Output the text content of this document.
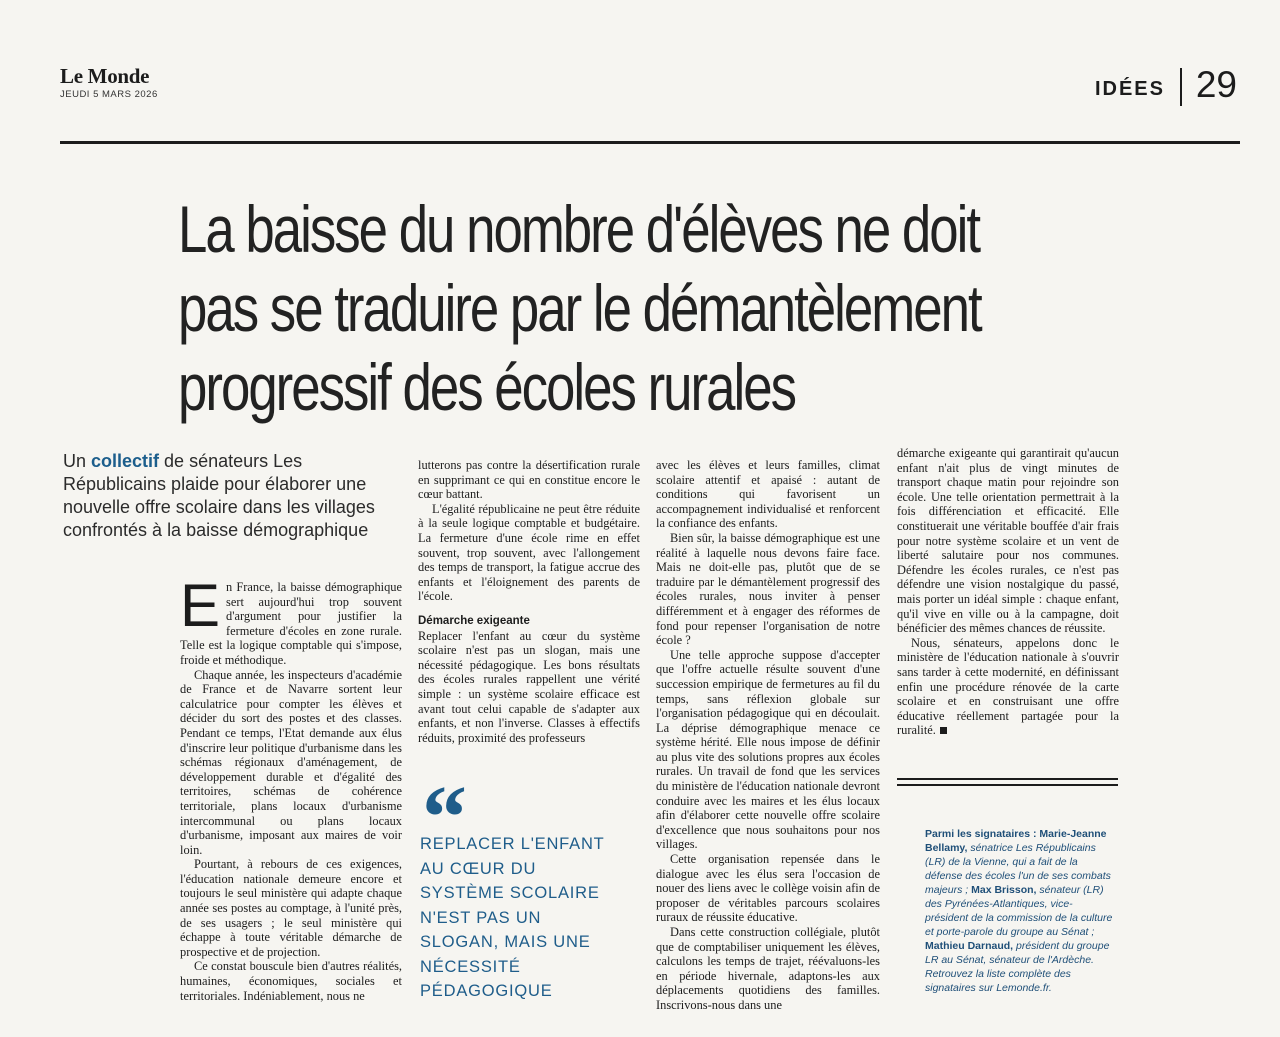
Le Monde
JEUDI 5 MARS 2026	IDÉES 29
La baisse du nombre d'élèves ne doit
pas se traduire par le démantèlement
progressif des écoles rurales

Un collectif de sénateurs Les Républicains plaide pour élaborer une nouvelle offre scolaire dans les villages confrontés à la baisse démographique

En France, la baisse démographique sert aujourd'hui trop souvent d'argument pour justifier la fermeture d'écoles en zone rurale. Telle est la logique comptable qui s'impose, froide et méthodique.

Chaque année, les inspecteurs d'académie de France et de Navarre sortent leur calculatrice pour compter les élèves et décider du sort des postes et des classes. Pendant ce temps, l'Etat demande aux élus d'inscrire leur politique d'urbanisme dans les schémas régionaux d'aménagement, de développement durable et d'égalité des territoires, schémas de cohérence territoriale, plans locaux d'urbanisme intercommunal ou plans locaux d'urbanisme, imposant aux maires de voir loin.

Pourtant, à rebours de ces exigences, l'éducation nationale demeure encore et toujours le seul ministère qui adapte chaque année ses postes au comptage, à l'unité près, de ses usagers ; le seul ministère qui échappe à toute véritable démarche de prospective et de projection.

Ce constat bouscule bien d'autres réalités, humaines, économiques, sociales et territoriales. Indéniablement, nous ne

lutterons pas contre la désertification rurale en supprimant ce qui en constitue encore le cœur battant.

L'égalité républicaine ne peut être réduite à la seule logique comptable et budgétaire. La fermeture d'une école rime en effet souvent, trop souvent, avec l'allongement des temps de transport, la fatigue accrue des enfants et l'éloignement des parents de l'école.

Démarche exigeante

Replacer l'enfant au cœur du système scolaire n'est pas un slogan, mais une nécessité pédagogique. Les bons résultats des écoles rurales rappellent une vérité simple : un système scolaire efficace est avant tout celui capable de s'adapter aux enfants, et non l'inverse. Classes à effectifs réduits, proximité des professeurs

“

REPLACER L'ENFANT AU CŒUR DU SYSTÈME SCOLAIRE N'EST PAS UN SLOGAN, MAIS UNE NÉCESSITÉ PÉDAGOGIQUE

avec les élèves et leurs familles, climat scolaire attentif et apaisé : autant de conditions qui favorisent un accompagnement individualisé et renforcent la confiance des enfants.

Bien sûr, la baisse démographique est une réalité à laquelle nous devons faire face. Mais ne doit-elle pas, plutôt que de se traduire par le démantèlement progressif des écoles rurales, nous inviter à penser différemment et à engager des réformes de fond pour repenser l'organisation de notre école ?

Une telle approche suppose d'accepter que l'offre actuelle résulte souvent d'une succession empirique de fermetures au fil du temps, sans réflexion globale sur l'organisation pédagogique qui en découlait. La déprise démographique menace ce système hérité. Elle nous impose de définir au plus vite des solutions propres aux écoles rurales. Un travail de fond que les services du ministère de l'éducation nationale devront conduire avec les maires et les élus locaux afin d'élaborer cette nouvelle offre scolaire d'excellence que nous souhaitons pour nos villages.

Cette organisation repensée dans le dialogue avec les élus sera l'occasion de nouer des liens avec le collège voisin afin de proposer de véritables parcours scolaires ruraux de réussite éducative.

Dans cette construction collégiale, plutôt que de comptabiliser uniquement les élèves, calculons les temps de trajet, réévaluons-les en période hivernale, adaptons-les aux déplacements quotidiens des familles. Inscrivons-nous dans une

démarche exigeante qui garantirait qu'aucun enfant n'ait plus de vingt minutes de transport chaque matin pour rejoindre son école. Une telle orientation permettrait à la fois différenciation et efficacité. Elle constituerait une véritable bouffée d'air frais pour notre système scolaire et un vent de liberté salutaire pour nos communes. Défendre les écoles rurales, ce n'est pas défendre une vision nostalgique du passé, mais porter un idéal simple : chaque enfant, qu'il vive en ville ou à la campagne, doit bénéficier des mêmes chances de réussite.

Nous, sénateurs, appelons donc le ministère de l'éducation nationale à s'ouvrir sans tarder à cette modernité, en définissant enfin une procédure rénovée de la carte scolaire et en construisant une offre éducative réellement partagée pour la ruralité.

Parmi les signataires : Marie-Jeanne Bellamy, sénatrice Les Républicains (LR) de la Vienne, qui a fait de la défense des écoles l'un de ses combats majeurs ; Max Brisson, sénateur (LR) des Pyrénées-Atlantiques, vice-président de la commission de la culture et porte-parole du groupe au Sénat ; Mathieu Darnaud, président du groupe LR au Sénat, sénateur de l'Ardèche. Retrouvez la liste complète des signataires sur Lemonde.fr.
